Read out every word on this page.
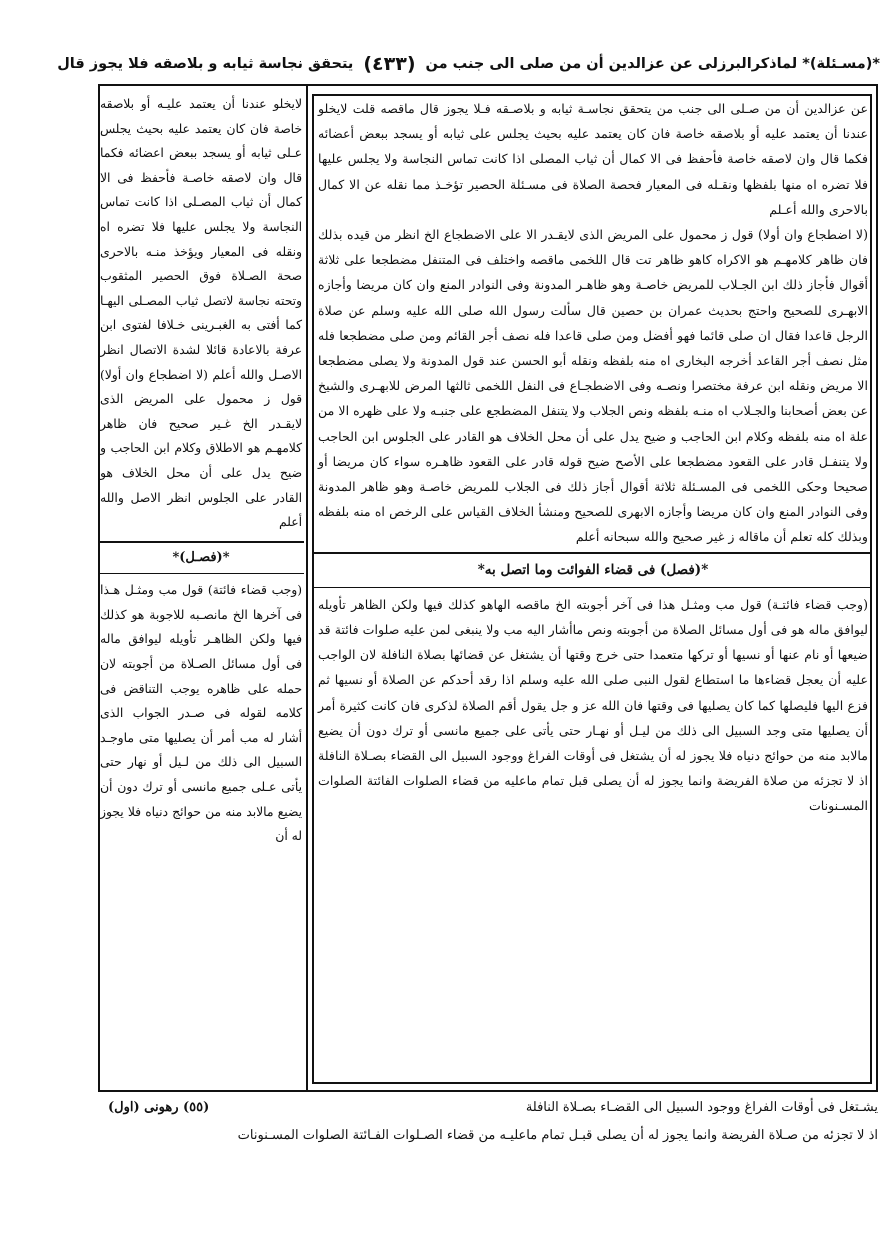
*(مسـئلة)* لماذكرالبرزلى عن عزالدين أن من صلى الى جنب من
(٤٣٣)
يتحقق نجاسة ثيابه و بلاصقه فلا يجوز قال

عن عزالدين أن من صـلى الى جنب من يتحقق نجاسـة ثيابه و بلاصـقه فـلا يجوز قال ماقصه قلت لايخلو عندنا أن يعتمد عليه أو بلاصقه خاصة فان كان يعتمد عليه بحيث يجلس على ثيابه أو يسجد ببعض أعضائه فكما قال وان لاصقه خاصة فأحفظ فى الا كمال أن ثياب المصلى اذا كانت تماس النجاسة ولا يجلس عليها فلا تضره اه منها بلفظها ونقـله فى المعيار فحصة الصلاة فى مسـئلة الحصير تؤخـذ مما نقله عن الا كمال بالاحرى والله أعـلم

(لا اضطجاع وان أولا) قول ز محمول على المريض الذى لايقـدر الا على الاضطجاع الخ انظر من قيده بذلك فان ظاهر كلامهـم هو الاكراه كاهو ظاهر تت قال اللخمى ماقصه واختلف فى المتنفل مضطجعا على ثلاثة أقوال فأجاز ذلك ابن الجـلاب للمريض خاصـة وهو ظاهـر المدونة وفى النوادر المنع وان كان مريضا وأجازه الابهـرى للصحيح واحتج بحديث عمران بن حصين قال سألت رسول الله صلى الله عليه وسلم عن صلاة الرجل قاعدا فقال ان صلى قائما فهو أفضل ومن صلى قاعدا فله نصف أجر القائم ومن صلى مضطجعا فله مثل نصف أجر القاعد أخرجه البخارى اه منه بلفظه ونقله أبو الحسن عند قول المدونة ولا يصلى مضطجعا الا مريض ونقله ابن عرفة مختصرا ونصـه وفى الاضطجـاع فى النفل اللخمى ثالثها المرض للابهـرى والشيخ عن بعض أصحابنا والجـلاب اه منـه بلفظه ونص الجلاب ولا يتنفل المضطجع على جنبـه ولا على ظهره الا من علة اه منه بلفظه وكلام ابن الحاجب و ضيح يدل على أن محل الخلاف هو القادر على الجلوس ابن الحاجب ولا يتنفـل قادر على القعود مضطجعا على الأصح ضيح قوله قادر على القعود ظاهـره سواء كان مريضا أو صحيحا وحكى اللخمى فى المسـئلة ثلاثة أقوال أجاز ذلك فى الجلاب للمريض خاصـة وهو ظاهر المدونة وفى النوادر المنع وان كان مريضا وأجازه الابهرى للصحيح ومنشأ الخلاف القياس على الرخص اه منه بلفظه وبذلك كله تعلم أن ماقاله ز غير صحيح والله سبحانه أعلم

*(فصل) فى قضاء الفوائت وما اتصل به*

(وجب قضاء فائتـة) قول مب ومثـل هذا فى آخر أجوبته الخ ماقصه الهاهو كذلك فيها ولكن الظاهر تأويله ليوافق ماله هو فى أول مسائل الصلاة من أجوبته ونص ماأشار اليه مب ولا ينبغى لمن عليه صلوات فائتة قد ضيعها أو نام عنها أو نسيها أو تركها متعمدا حتى خرج وقتها أن يشتغل عن قضائها بصلاة النافلة لان الواجب عليه أن يعجل قضاءها ما استطاع لقول النبى صلى الله عليه وسلم اذا رقد أحدكم عن الصلاة أو نسيها ثم فزع اليها فليصلها كما كان يصليها فى وقتها فان الله عز و جل يقول أقم الصلاة لذكرى فان كانت كثيرة أمر أن يصليها متى وجد السبيل الى ذلك من ليـل أو نهـار حتى يأتى على جميع مانسى أو ترك دون أن يضيع مالابد منه من حوائج دنياه فلا يجوز له أن يشتغل فى أوقات الفراغ ووجود السبيل الى القضاء بصـلاة النافلة اذ لا تجزئه من صلاة الفريضة وانما يجوز له أن يصلى قبل تمام ماعليه من قضاء الصلوات الفائتة الصلوات المسـنونات

لايخلو عندنا أن يعتمد عليـه أو بلاصقه خاصة فان كان يعتمد عليه بحيث يجلس عـلى ثيابه أو يسجد ببعض اعضائه فكما قال وان لاصقه خاصـة فأحفظ فى الا كمال أن ثياب المصـلى اذا كانت تماس النجاسة ولا يجلس عليها فلا تضره اه ونقله فى المعيار ويؤخذ منـه بالاحرى صحة الصـلاة فوق الحصير المثقوب وتحته نجاسة لاتصل ثياب المصـلى اليهـا كما أفتى به الغبـرينى خـلافا لفتوى ابن عرفة بالاعادة قائلا لشدة الاتصال انظر الاصـل والله أعلم (لا اضطجاع وان أولا) قول ز محمول على المريض الذى لايقـدر الخ غـير صحيح فان ظاهر كلامهـم هو الاطلاق وكلام ابن الحاجب و ضيح يدل على أن محل الخلاف هو القادر على الجلوس انظر الاصل والله أعلم

*(فصـل)*

(وجب قضاء فائتة) قول مب ومثـل هـذا فى آخرها الخ مانصـبه للاجوبة هو كذلك فيها ولكن الظاهـر تأويله ليوافق ماله فى أول مسائل الصـلاة من أجوبته لان حمله على ظاهره يوجب التناقض فى كلامه لقوله فى صـدر الجواب الذى أشار له مب أمر أن يصليها متى ماوجـد السبيل الى ذلك من لـيل أو نهار حتى يأتى عـلى جميع مانسى أو ترك دون أن يضيع مالابد منه من حوائج دنياه فلا يجوز له أن

يشـتغل فى أوقات الفراغ ووجود السبيل الى القضـاء بصـلاة النافلة
(٥٥) رهونى (اول)
اذ لا تجزئه من صـلاة الفريضة وانما يجوز له أن يصلى قبـل تمام ماعليـه من قضاء الصـلوات الفـائتة الصلوات المسـنونات
